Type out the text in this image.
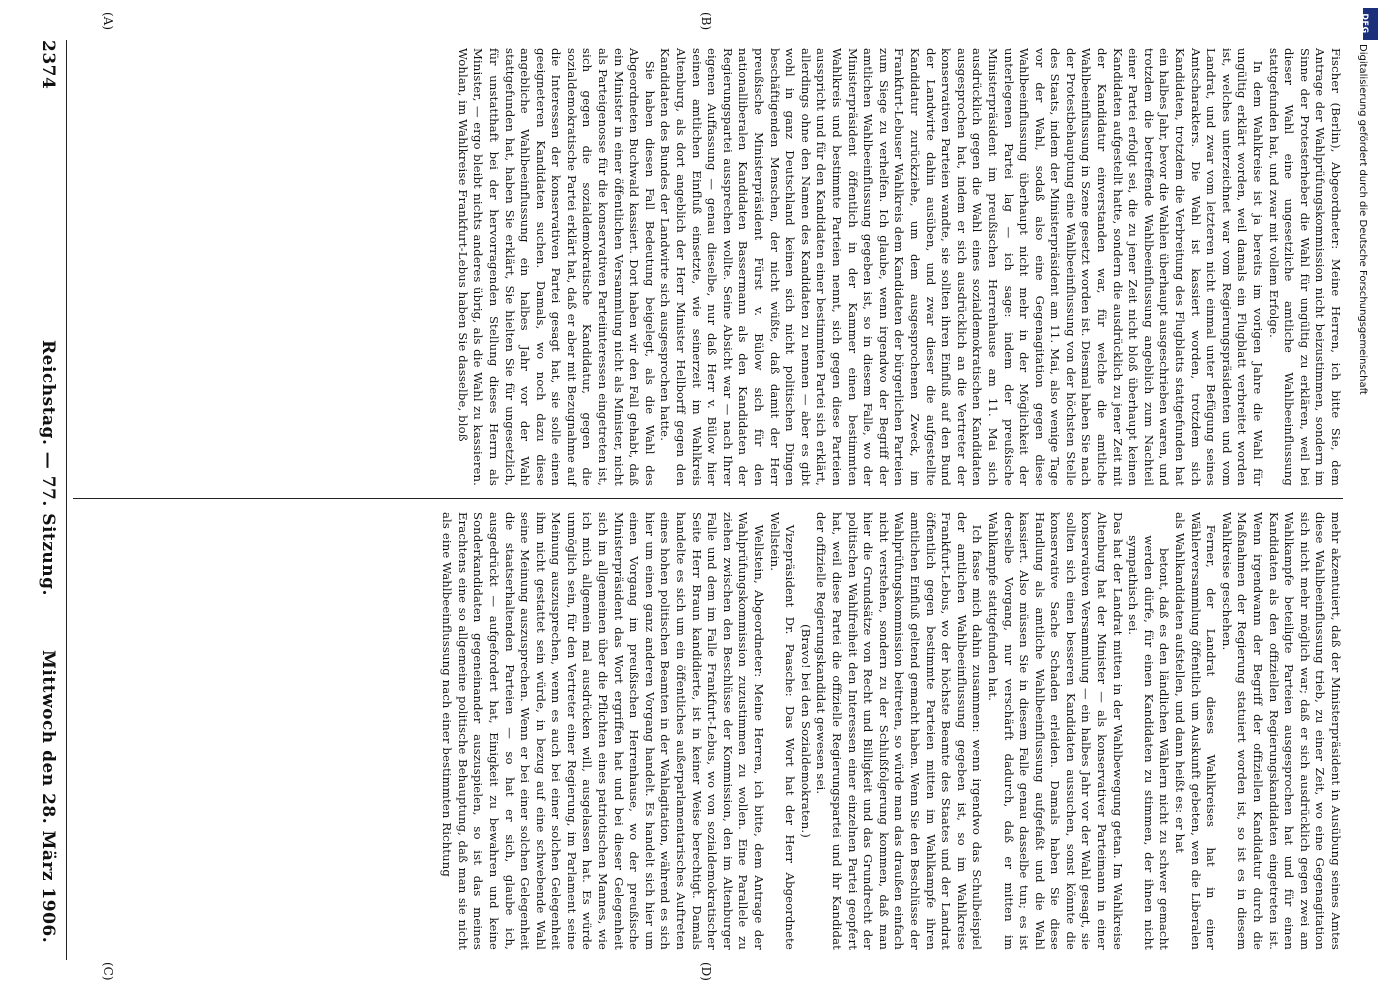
2374
Reichstag. — 77. Sitzung.
Mittwoch den 28. März 1906.
(A)	(B)
(C)	(D)

Fischer (Berlin), Abgeordneter: Meine Herren, ich bitte Sie, dem Antrage der Wahlprüfungskommission nicht beizustimmen, sondern im Sinne der Protesterheber die Wahl für ungültig zu erklären, weil bei dieser Wahl eine ungesetzliche amtliche Wahlbeeinflussung stattgefunden hat, und zwar mit vollem Erfolge.

In dem Wahlkreise ist ja bereits im vorigen Jahre die Wahl für ungültig erklärt worden, weil damals ein Flugblatt verbreitet worden ist, welches unterzeichnet war vom Regierungspräsidenten und vom Landrat, und zwar vom letzteren nicht einmal unter Befügung seines Amtscharakters. Die Wahl ist kassiert worden, trotzdem sich Kandidaten, trotzdem die Verbreitung des Flugblatts stattgefunden hat ein halbes Jahr, bevor die Wahlen überhaupt ausgeschrieben waren, und trotzdem die betreffende Wahlbeeinflussung angeblich zum Nachteil einer Partei erfolgt sei, die zu jener Zeit nicht bloß überhaupt keinen Kandidaten aufgestellt hatte, sondern die ausdrücklich zu jener Zeit mit der Kandidatur einverstanden war, für welche die amtliche Wahlbeeinflussung in Szene gesetzt worden ist. Diesmal haben Sie nach der Protestbehauptung eine Wahlbeeinflussung von der höchsten Stelle des Staats, indem der Ministerpräsident am 11. Mai, also wenige Tage vor der Wahl, sodaß also eine Gegenagitation gegen diese Wahlbeeinflussung überhaupt nicht mehr in der Möglichkeit der unterlegenen Partei lag — ich sage: indem der preußische Ministerpräsident im preußischen Herrenhause am 11. Mai sich ausdrücklich gegen die Wahl eines sozialdemokratischen Kandidaten ausgesprochen hat, indem er sich ausdrücklich an die Vertreter der konservativen Parteien wandte, sie sollten ihren Einfluß auf den Bund der Landwirte dahin ausüben, und zwar dieser die aufgestellte Kandidatur zurückziehe, um dem ausgesprochenen Zweck, im Frankfurt-Lebuser Wahlkreis dem Kandidaten der bürgerlichen Parteien zum Siege zu verhelfen. Ich glaube, wenn irgendwo der Begriff der amtlichen Wahlbeeinflussung gegeben ist, so in diesem Falle, wo der Ministerpräsident öffentlich in der Kammer einen bestimmten Wahlkreis und bestimmte Parteien nennt, sich gegen diese Parteien ausspricht und für den Kandidaten einer bestimmten Partei sich erklärt, allerdings ohne den Namen des Kandidaten zu nennen — aber es gibt wohl in ganz Deutschland keinen sich nicht politischen Dingen beschäftigenden Menschen, der nicht wüßte, daß damit der Herr preußische Ministerpräsident Fürst v. Bülow sich für den nationalliberalen Kandidaten Bassermann als den Kandidaten der Regierungspartei aussprechen wollte. Seine Absicht war — nach Ihrer eigenen Auffassung — genau dieselbe, nur daß Herr v. Bülow hier seinen amtlichen Einfluß einsetzte, wie seinerzeit im Wahlkreis Altenburg, als dort angeblich der Herr Minister Hellborff gegen den Kandidaten des Bundes der Landwirte sich ausgesprochen hatte.

Sie haben diesen Fall Bedeutung beigelegt, als die Wahl des Abgeordneten Buchwald kassiert. Dort haben wir den Fall gehabt, daß ein Minister in einer öffentlichen Versammlung nicht als Minister, nicht als Parteigenosse für die konservativen Parteiinteressen eingetreten ist, sich gegen die sozialdemokratische Kandidatur, gegen die sozialdemokratische Partei erklärt hat, daß er aber mit Bezugnahme auf die Interessen der konservativen Partei gesagt hat, sie solle einen geeigneteren Kandidaten suchen. Damals, wo noch dazu diese angebliche Wahlbeeinflussung ein halbes Jahr vor der Wahl stattgefunden hat, haben Sie erklärt, Sie hielten Sie für ungesetzlich, für unstatthaft bei der hervorragenden Stellung dieses Herrn als Minister, — ergo bleibt nichts anderes übrig, als die Wahl zu kassieren. Wohlan, im Wahlkreise Frankfurt-Lebus haben Sie dasselbe, bloß

mehr akzentuiert, daß der Ministerpräsident in Ausübung seines Amtes diese Wahlbeeinflussung trieb, zu einer Zeit, wo eine Gegenagitation sich nicht mehr möglich war; daß er sich ausdrücklich gegen zwei am Wahlkampfe beteiligte Parteien ausgesprochen hat und für einen Kandidaten als den offiziellen Regierungskandidaten eingetreten ist. Wenn irgendwann der Begriff der offiziellen Kandidatur durch die Maßnahmen der Regierung statuiert worden ist, so ist es in diesem Wahlkreise geschehen.

Ferner, der Landrat dieses Wahlkreises hat in einer Wählerversammlung öffentlich um Auskunft gebeten, wen die Liberalen als Wahlkandidaten aufstellen, und dann heißt es: er hat

betont, daß es den ländlichen Wählern nicht zu schwer gemacht werden dürfe, für einen Kandidaten zu stimmen, der ihnen nicht sympathisch sei.

Das hat der Landrat mitten in der Wahlbewegung getan. Im Wahlkreise Altenburg hat der Minister — als konservativer Parteimann in einer konservativen Versammlung — ein halbes Jahr vor der Wahl gesagt, sie sollten sich einen besseren Kandidaten aussuchen, sonst könnte die konservative Sache Schaden erleiden. Damals haben Sie diese Handlung als amtliche Wahlbeeinflussung aufgefaßt und die Wahl kassiert. Also müssen Sie in diesem Falle genau dasselbe tun; es ist derselbe Vorgang, nur verschärft dadurch, daß er mitten im Wahlkampfe stattgefunden hat.

Ich fasse mich dahin zusammen: wenn irgendwo das Schulbeispiel der amtlichen Wahlbeeinflussung gegeben ist, so im Wahlkreise Frankfurt-Lebus, wo der höchste Beamte des Staates und der Landrat öffentlich gegen bestimmte Parteien mitten im Wahlkampfe ihren amtlichen Einfluß geltend gemacht haben. Wenn Sie den Beschlüsse der Wahlprüfungskommission beitreten, so würde man das draußen einfach nicht verstehen, sondern zu der Schlußfolgerung kommen, daß man hier die Grundsätze von Recht und Billigkeit und das Grundrecht der politischen Wahlfreiheit den Interessen einer einzelnen Partei geopfert hat, weil diese Partei die offizielle Regierungspartei und ihr Kandidat der offizielle Regierungskandidat gewesen sei.

(Bravo! bei den Sozialdemokraten.)

Vizepräsident Dr. Paasche: Das Wort hat der Herr Abgeordnete Wellstein.

Wellstein, Abgeordneter: Meine Herren, ich bitte, dem Antrage der Wahlprüfungskommission zuzustimmen zu wollen. Eine Parallele zu ziehen zwischen den Beschlüsse der Kommission, den im Altenburger Falle und dem im Falle Frankfurt-Lebus, wo von sozialdemokratischer Seite Herr Braun kandidierte, ist in keiner Weise berechtigt. Damals handelte es sich um ein öffentliches außerparlamentarisches Auftreten eines hohen politischen Beamten in der Wahlagitation, während es sich hier um einen ganz anderen Vorgang handelt. Es handelt sich hier um einen Vorgang im preußischen Herrenhause, wo der preußische Ministerpräsident das Wort ergriffen hat und bei dieser Gelegenheit sich im allgemeinen über die Pflichten eines patriotischen Mannes, wie ich mich allgemein mal ausdrücken will, ausgelassen hat. Es würde unmöglich sein, für den Vertreter einer Regierung, im Parlament seine Meinung auszusprechen, wenn es auch bei einer solchen Gelegenheit ihm nicht gestattet sein würde, in bezug auf eine schwebende Wahl seine Meinung auszusprechen. Wenn er bei einer solchen Gelegenheit die staatserhaltenden Parteien — so hat er sich, glaube ich, ausgedrückt — aufgefordert hat, Einigkeit zu bewahren und keine Sonderkandidaten gegeneinander auszuspielen, so ist das meines Erachtens eine so allgemeine politische Behauptung, daß man sie nicht als eine Wahlbeeinflussung nach einer bestimmten Richtung

Digitalisierung gefördert durch die Deutsche Forschungsgemeinschaft
DFG
